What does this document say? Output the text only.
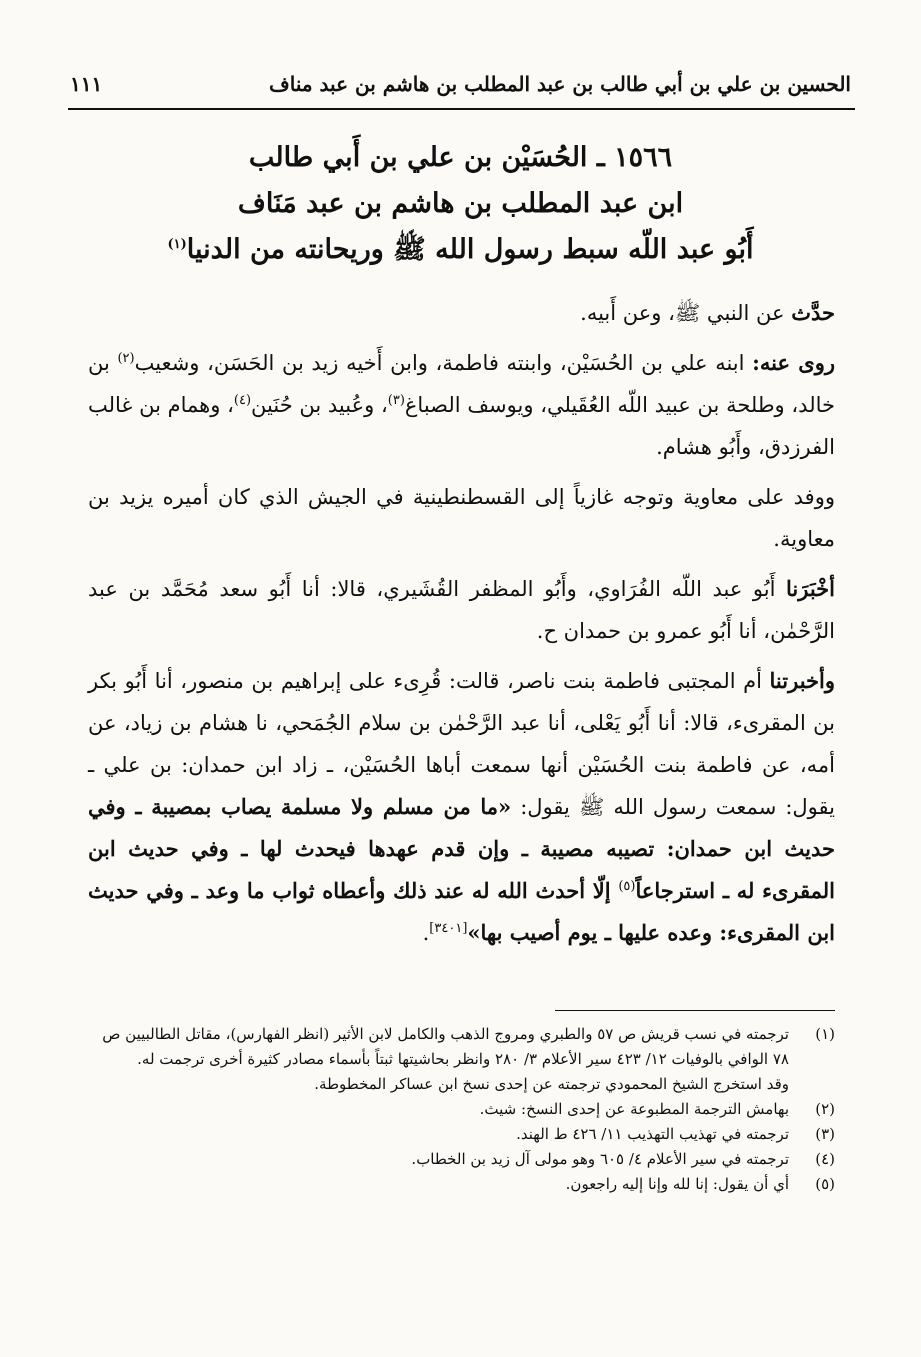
الحسين بن علي بن أبي طالب بن عبد المطلب بن هاشم بن عبد مناف
١١١
١٥٦٦ ـ الحُسَيْن بن علي بن أَبي طالب
ابن عبد المطلب بن هاشم بن عبد مَنَاف
أَبُو عبد اللّه سبط رسول الله ﷺ وريحانته من الدنيا$^{(١)}$

حدَّث عن النبي ﷺ، وعن أَبيه.

روى عنه: ابنه علي بن الحُسَيْن، وابنته فاطمة، وابن أَخيه زيد بن الحَسَن، وشعيب$^{(٢)}$ بن خالد، وطلحة بن عبيد اللّه العُقَيلي، ويوسف الصباغ$^{(٣)}$، وعُبيد بن حُنَين$^{(٤)}$، وهمام بن غالب الفرزدق، وأَبُو هشام.

ووفد على معاوية وتوجه غازياً إلى القسطنطينية في الجيش الذي كان أميره يزيد بن معاوية.

أخْبَرَنا أَبُو عبد اللّه الفُرَاوي، وأَبُو المظفر القُشَيري، قالا: أنا أَبُو سعد مُحَمَّد بن عبد الرَّحْمٰن، أنا أَبُو عمرو بن حمدان ح.

وأخبرتنا أم المجتبى فاطمة بنت ناصر، قالت: قُرِىء على إبراهيم بن منصور، أنا أَبُو بكر بن المقرىء، قالا: أنا أَبُو يَعْلى، أنا عبد الرَّحْمٰن بن سلام الجُمَحي، نا هشام بن زياد، عن أمه، عن فاطمة بنت الحُسَيْن أنها سمعت أباها الحُسَيْن، ـ زاد ابن حمدان: بن علي ـ يقول: سمعت رسول الله ﷺ يقول: «ما من مسلم ولا مسلمة يصاب بمصيبة ـ وفي حديث ابن حمدان: تصيبه مصيبة ـ وإن قدم عهدها فيحدث لها ـ وفي حديث ابن المقرىء له ـ استرجاعاً$^{(٥)}$ إلّا أحدث الله له عند ذلك وأعطاه ثواب ما وعد ـ وفي حديث ابن المقرىء: وعده عليها ـ يوم أصيب بها»[٣٤٠١].

(١)
ترجمته في نسب قريش ص ٥٧ والطبري ومروج الذهب والكامل لابن الأثير (انظر الفهارس)، مقاتل الطالبيين ص ٧٨ الوافي بالوفيات ١٢/ ٤٢٣ سير الأعلام ٣/ ٢٨٠ وانظر بحاشيتها ثبتاً بأسماء مصادر كثيرة أخرى ترجمت له.
وقد استخرج الشيخ المحمودي ترجمته عن إحدى نسخ ابن عساكر المخطوطة.
(٢)
بهامش الترجمة المطبوعة عن إحدى النسخ: شيث.
(٣)
ترجمته في تهذيب التهذيب ١١/ ٤٢٦ ط الهند.
(٤)
ترجمته في سير الأعلام ٤/ ٦٠٥ وهو مولى آل زيد بن الخطاب.
(٥)
أي أن يقول: إنا لله وإنا إليه راجعون.
